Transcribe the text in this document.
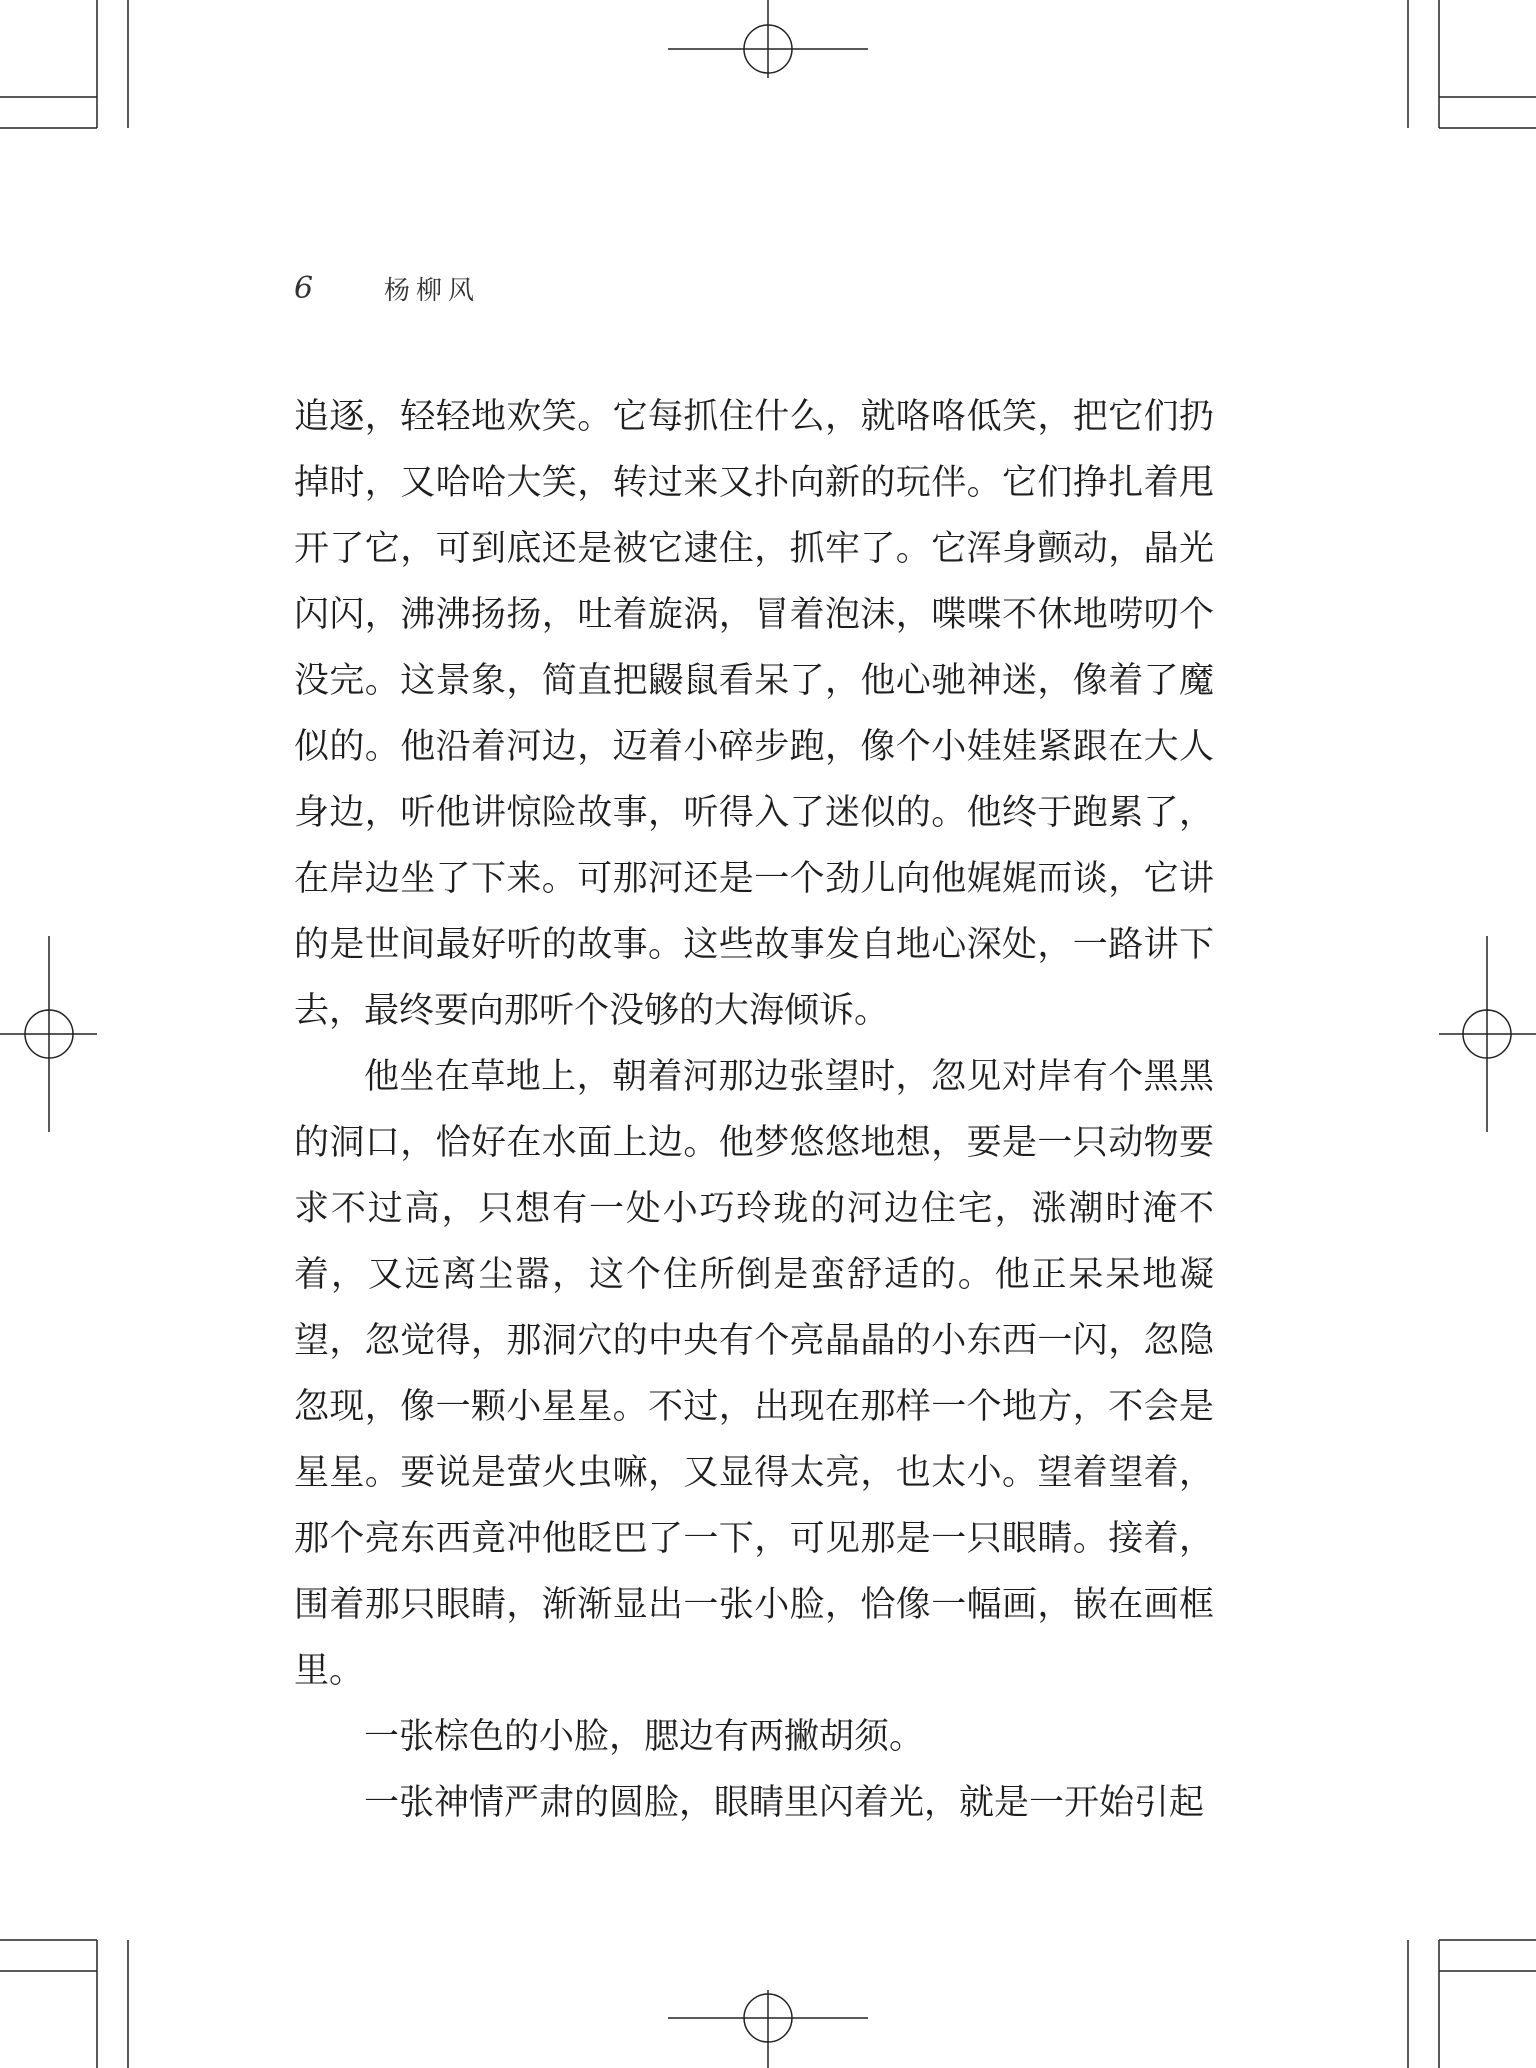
6	杨柳风

追逐，轻轻地欢笑。它每抓住什么，就咯咯低笑，把它们扔掉时，又哈哈大笑，转过来又扑向新的玩伴。它们挣扎着甩开了它，可到底还是被它逮住，抓牢了。它浑身颤动，晶光闪闪，沸沸扬扬，吐着旋涡，冒着泡沫，喋喋不休地唠叨个没完。这景象，简直把鼹鼠看呆了，他心驰神迷，像着了魔似的。他沿着河边，迈着小碎步跑，像个小娃娃紧跟在大人身边，听他讲惊险故事，听得入了迷似的。他终于跑累了，在岸边坐了下来。可那河还是一个劲儿向他娓娓而谈，它讲的是世间最好听的故事。这些故事发自地心深处，一路讲下去，最终要向那听个没够的大海倾诉。

他坐在草地上，朝着河那边张望时，忽见对岸有个黑黑的洞口，恰好在水面上边。他梦悠悠地想，要是一只动物要求不过高，只想有一处小巧玲珑的河边住宅，涨潮时淹不着，又远离尘嚣，这个住所倒是蛮舒适的。他正呆呆地凝望，忽觉得，那洞穴的中央有个亮晶晶的小东西一闪，忽隐忽现，像一颗小星星。不过，出现在那样一个地方，不会是星星。要说是萤火虫嘛，又显得太亮，也太小。望着望着，那个亮东西竟冲他眨巴了一下，可见那是一只眼睛。接着，围着那只眼睛，渐渐显出一张小脸，恰像一幅画，嵌在画框里。

一张棕色的小脸，腮边有两撇胡须。

一张神情严肃的圆脸，眼睛里闪着光，就是一开始引起
